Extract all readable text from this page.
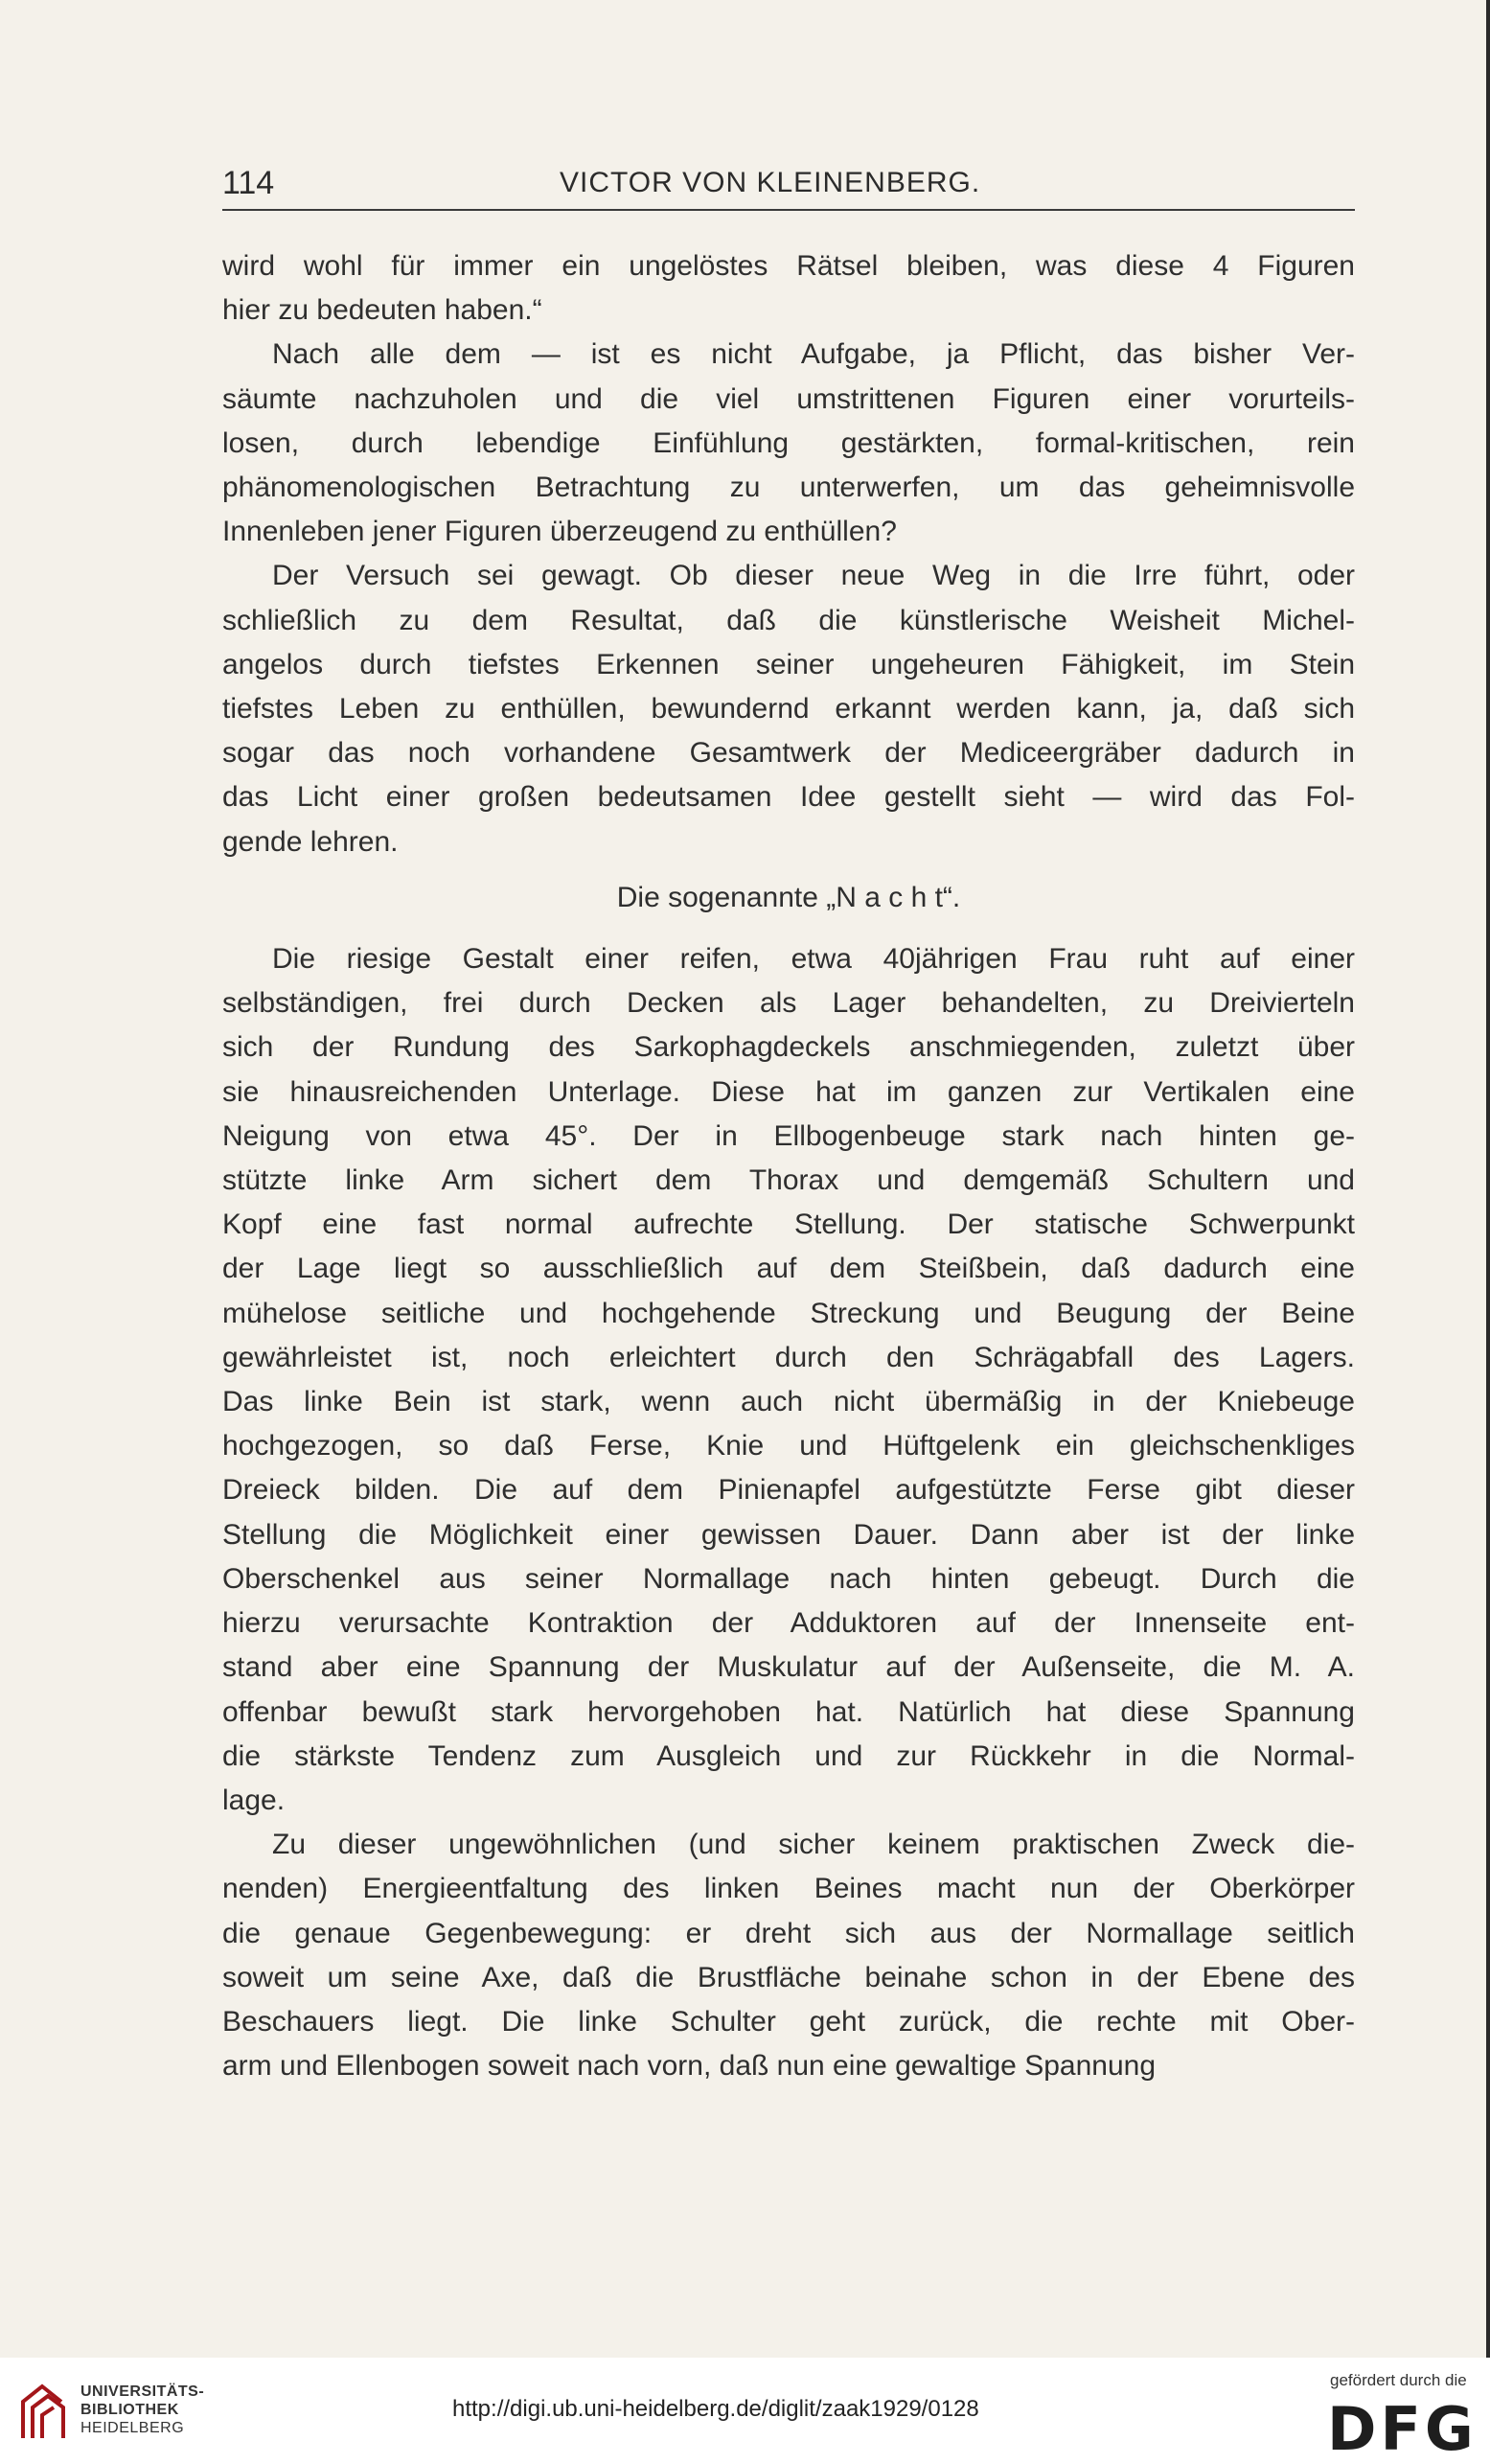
114	VICTOR VON KLEINENBERG.

wird wohl für immer ein ungelöstes Rätsel bleiben, was diese 4 Figuren

hier zu bedeuten haben.“

Nach alle dem — ist es nicht Aufgabe, ja Pflicht, das bisher Ver-

säumte nachzuholen und die viel umstrittenen Figuren einer vorurteils-

losen, durch lebendige Einfühlung gestärkten, formal-kritischen, rein

phänomenologischen Betrachtung zu unterwerfen, um das geheimnisvolle

Innenleben jener Figuren überzeugend zu enthüllen?

Der Versuch sei gewagt. Ob dieser neue Weg in die Irre führt, oder

schließlich zu dem Resultat, daß die künstlerische Weisheit Michel-

angelos durch tiefstes Erkennen seiner ungeheuren Fähigkeit, im Stein

tiefstes Leben zu enthüllen, bewundernd erkannt werden kann, ja, daß sich

sogar das noch vorhandene Gesamtwerk der Mediceergräber dadurch in

das Licht einer großen bedeutsamen Idee gestellt sieht — wird das Fol-

gende lehren.

Die sogenannte „N a c h t“.

Die riesige Gestalt einer reifen, etwa 40jährigen Frau ruht auf einer

selbständigen, frei durch Decken als Lager behandelten, zu Dreivierteln

sich der Rundung des Sarkophagdeckels anschmiegenden, zuletzt über

sie hinausreichenden Unterlage. Diese hat im ganzen zur Vertikalen eine

Neigung von etwa 45°. Der in Ellbogenbeuge stark nach hinten ge-

stützte linke Arm sichert dem Thorax und demgemäß Schultern und

Kopf eine fast normal aufrechte Stellung. Der statische Schwerpunkt

der Lage liegt so ausschließlich auf dem Steißbein, daß dadurch eine

mühelose seitliche und hochgehende Streckung und Beugung der Beine

gewährleistet ist, noch erleichtert durch den Schrägabfall des Lagers.

Das linke Bein ist stark, wenn auch nicht übermäßig in der Kniebeuge

hochgezogen, so daß Ferse, Knie und Hüftgelenk ein gleichschenkliges

Dreieck bilden. Die auf dem Pinienapfel aufgestützte Ferse gibt dieser

Stellung die Möglichkeit einer gewissen Dauer. Dann aber ist der linke

Oberschenkel aus seiner Normallage nach hinten gebeugt. Durch die

hierzu verursachte Kontraktion der Adduktoren auf der Innenseite ent-

stand aber eine Spannung der Muskulatur auf der Außenseite, die M. A.

offenbar bewußt stark hervorgehoben hat. Natürlich hat diese Spannung

die stärkste Tendenz zum Ausgleich und zur Rückkehr in die Normal-

lage.

Zu dieser ungewöhnlichen (und sicher keinem praktischen Zweck die-

nenden) Energieentfaltung des linken Beines macht nun der Oberkörper

die genaue Gegenbewegung: er dreht sich aus der Normallage seitlich

soweit um seine Axe, daß die Brustfläche beinahe schon in der Ebene des

Beschauers liegt. Die linke Schulter geht zurück, die rechte mit Ober-

arm und Ellenbogen soweit nach vorn, daß nun eine gewaltige Spannung

UNIVERSITÄTS-
BIBLIOTHEK
HEIDELBERG
http://digi.ub.uni-heidelberg.de/diglit/zaak1929/0128
gefördert durch die
DFG
